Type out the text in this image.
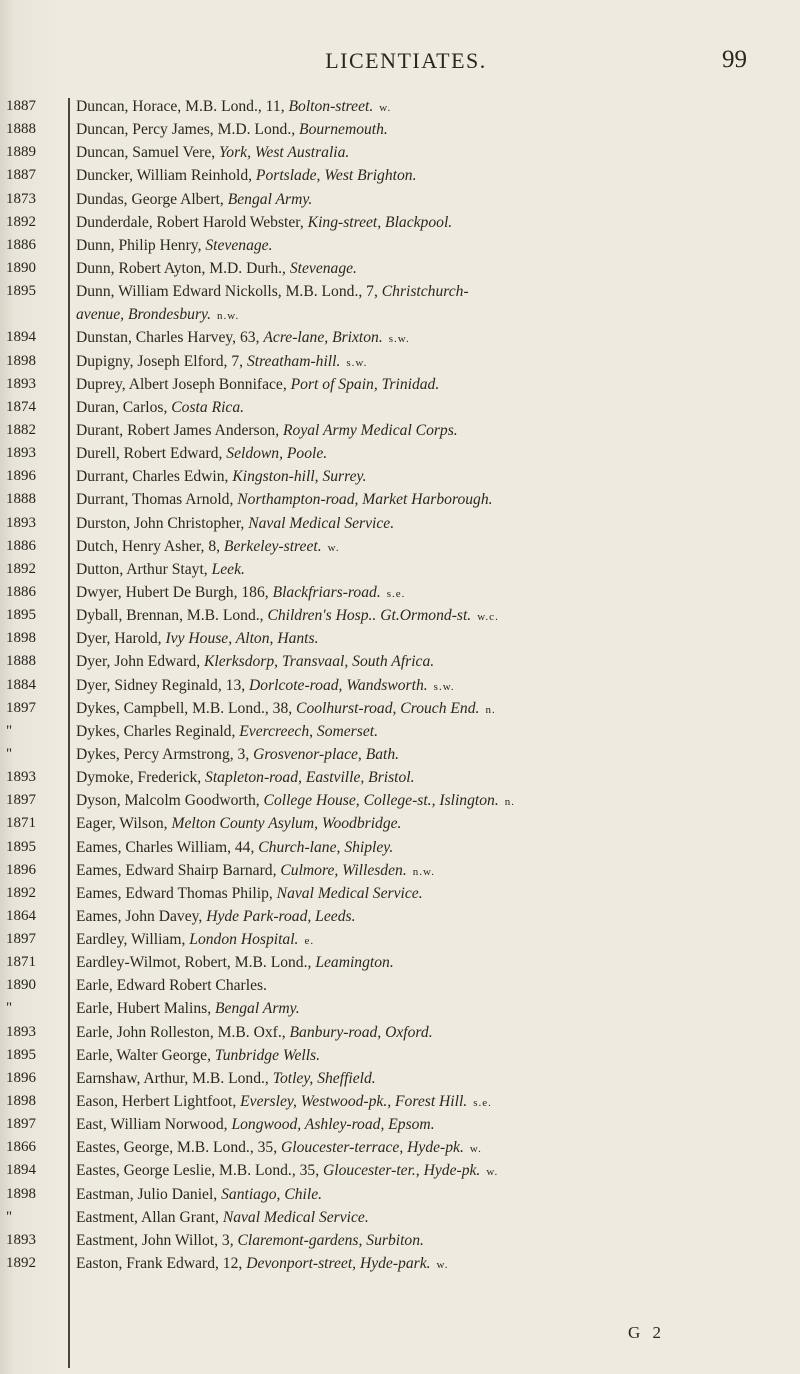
LICENTIATES.	99
1887	Duncan, Horace, M.B. Lond., 11, Bolton-street. w.
1888	Duncan, Percy James, M.D. Lond., Bournemouth.
1889	Duncan, Samuel Vere, York, West Australia.
1887	Duncker, William Reinhold, Portslade, West Brighton.
1873	Dundas, George Albert, Bengal Army.
1892	Dunderdale, Robert Harold Webster, King-street, Blackpool.
1886	Dunn, Philip Henry, Stevenage.
1890	Dunn, Robert Ayton, M.D. Durh., Stevenage.
1895	Dunn, William Edward Nickolls, M.B. Lond., 7, Christchurch-
avenue, Brondesbury. n.w.
1894	Dunstan, Charles Harvey, 63, Acre-lane, Brixton. s.w.
1898	Dupigny, Joseph Elford, 7, Streatham-hill. s.w.
1893	Duprey, Albert Joseph Bonniface, Port of Spain, Trinidad.
1874	Duran, Carlos, Costa Rica.
1882	Durant, Robert James Anderson, Royal Army Medical Corps.
1893	Durell, Robert Edward, Seldown, Poole.
1896	Durrant, Charles Edwin, Kingston-hill, Surrey.
1888	Durrant, Thomas Arnold, Northampton-road, Market Harborough.
1893	Durston, John Christopher, Naval Medical Service.
1886	Dutch, Henry Asher, 8, Berkeley-street. w.
1892	Dutton, Arthur Stayt, Leek.
1886	Dwyer, Hubert De Burgh, 186, Blackfriars-road. s.e.
1895	Dyball, Brennan, M.B. Lond., Children's Hosp.. Gt.Ormond-st. w.c.
1898	Dyer, Harold, Ivy House, Alton, Hants.
1888	Dyer, John Edward, Klerksdorp, Transvaal, South Africa.
1884	Dyer, Sidney Reginald, 13, Dorlcote-road, Wandsworth. s.w.
1897	Dykes, Campbell, M.B. Lond., 38, Coolhurst-road, Crouch End. n.
"	Dykes, Charles Reginald, Evercreech, Somerset.
"	Dykes, Percy Armstrong, 3, Grosvenor-place, Bath.
1893	Dymoke, Frederick, Stapleton-road, Eastville, Bristol.
1897	Dyson, Malcolm Goodworth, College House, College-st., Islington. n.
1871	Eager, Wilson, Melton County Asylum, Woodbridge.
1895	Eames, Charles William, 44, Church-lane, Shipley.
1896	Eames, Edward Shairp Barnard, Culmore, Willesden. n.w.
1892	Eames, Edward Thomas Philip, Naval Medical Service.
1864	Eames, John Davey, Hyde Park-road, Leeds.
1897	Eardley, William, London Hospital. e.
1871	Eardley-Wilmot, Robert, M.B. Lond., Leamington.
1890	Earle, Edward Robert Charles.
"	Earle, Hubert Malins, Bengal Army.
1893	Earle, John Rolleston, M.B. Oxf., Banbury-road, Oxford.
1895	Earle, Walter George, Tunbridge Wells.
1896	Earnshaw, Arthur, M.B. Lond., Totley, Sheffield.
1898	Eason, Herbert Lightfoot, Eversley, Westwood-pk., Forest Hill. s.e.
1897	East, William Norwood, Longwood, Ashley-road, Epsom.
1866	Eastes, George, M.B. Lond., 35, Gloucester-terrace, Hyde-pk. w.
1894	Eastes, George Leslie, M.B. Lond., 35, Gloucester-ter., Hyde-pk. w.
1898	Eastman, Julio Daniel, Santiago, Chile.
"	Eastment, Allan Grant, Naval Medical Service.
1893	Eastment, John Willot, 3, Claremont-gardens, Surbiton.
1892	Easton, Frank Edward, 12, Devonport-street, Hyde-park. w.
G 2
